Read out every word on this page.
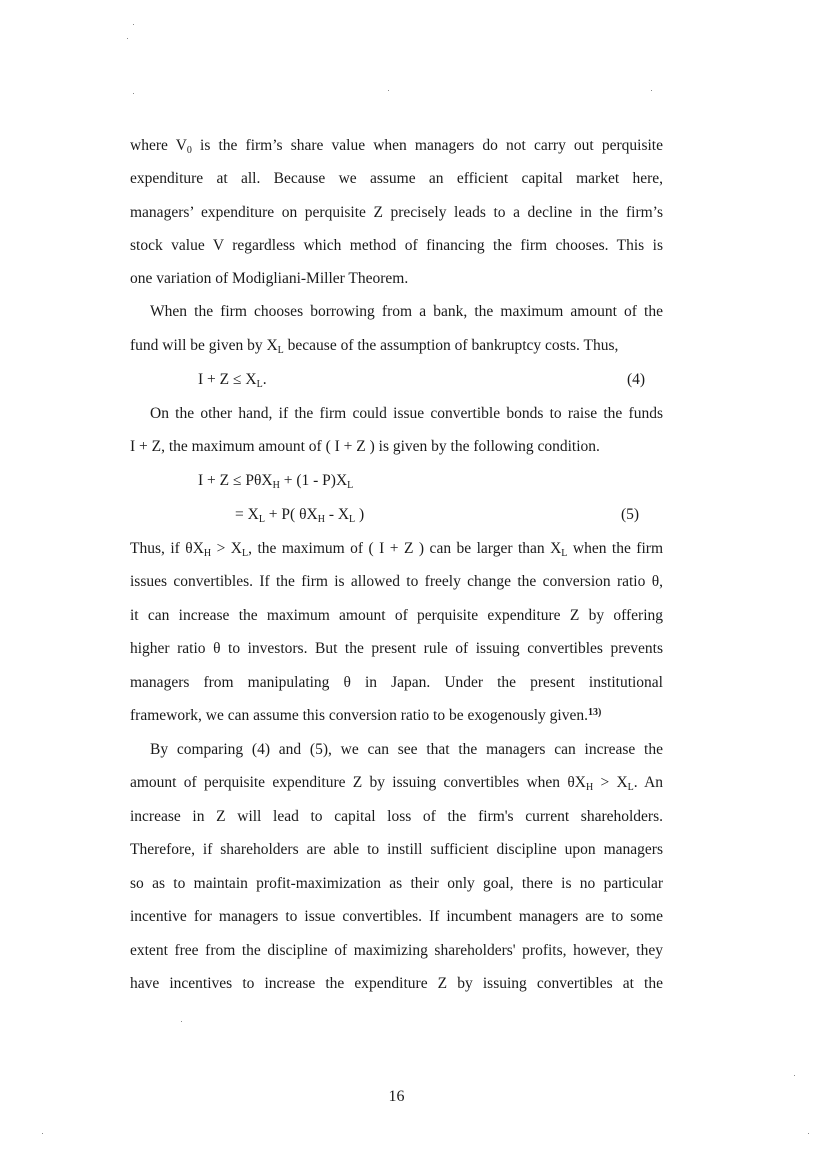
where $V_0$ is the firm’s share value when managers do not carry out perquisite
expenditure at all. Because we assume an efficient capital market here,
managers’ expenditure on perquisite Z precisely leads to a decline in the firm’s
stock value V regardless which method of financing the firm chooses. This is
one variation of Modigliani-Miller Theorem.
When the firm chooses borrowing from a bank, the maximum amount of the
fund will be given by $X_L$ because of the assumption of bankruptcy costs. Thus,
$I + Z \le X_L$.	(4)
On the other hand, if the firm could issue convertible bonds to raise the funds
I + Z, the maximum amount of ( I + Z ) is given by the following condition.
$I + Z \le P\theta X_H + (1 - P)X_L$
= $X_L + P$( $\theta X_H - X_L$ )	(5)
Thus, if $\theta X_H > X_L$, the maximum of ( I + Z ) can be larger than $X_L$ when the firm
issues convertibles. If the firm is allowed to freely change the conversion ratio θ,
it can increase the maximum amount of perquisite expenditure Z by offering
higher ratio θ to investors. But the present rule of issuing convertibles prevents
managers from manipulating θ in Japan. Under the present institutional
framework, we can assume this conversion ratio to be exogenously given.$^{13)}$
By comparing (4) and (5), we can see that the managers can increase the
amount of perquisite expenditure Z by issuing convertibles when $\theta X_H > X_L$. An
increase in Z will lead to capital loss of the firm's current shareholders.
Therefore, if shareholders are able to instill sufficient discipline upon managers
so as to maintain profit-maximization as their only goal, there is no particular
incentive for managers to issue convertibles. If incumbent managers are to some
extent free from the discipline of maximizing shareholders' profits, however, they
have incentives to increase the expenditure Z by issuing convertibles at the
16
